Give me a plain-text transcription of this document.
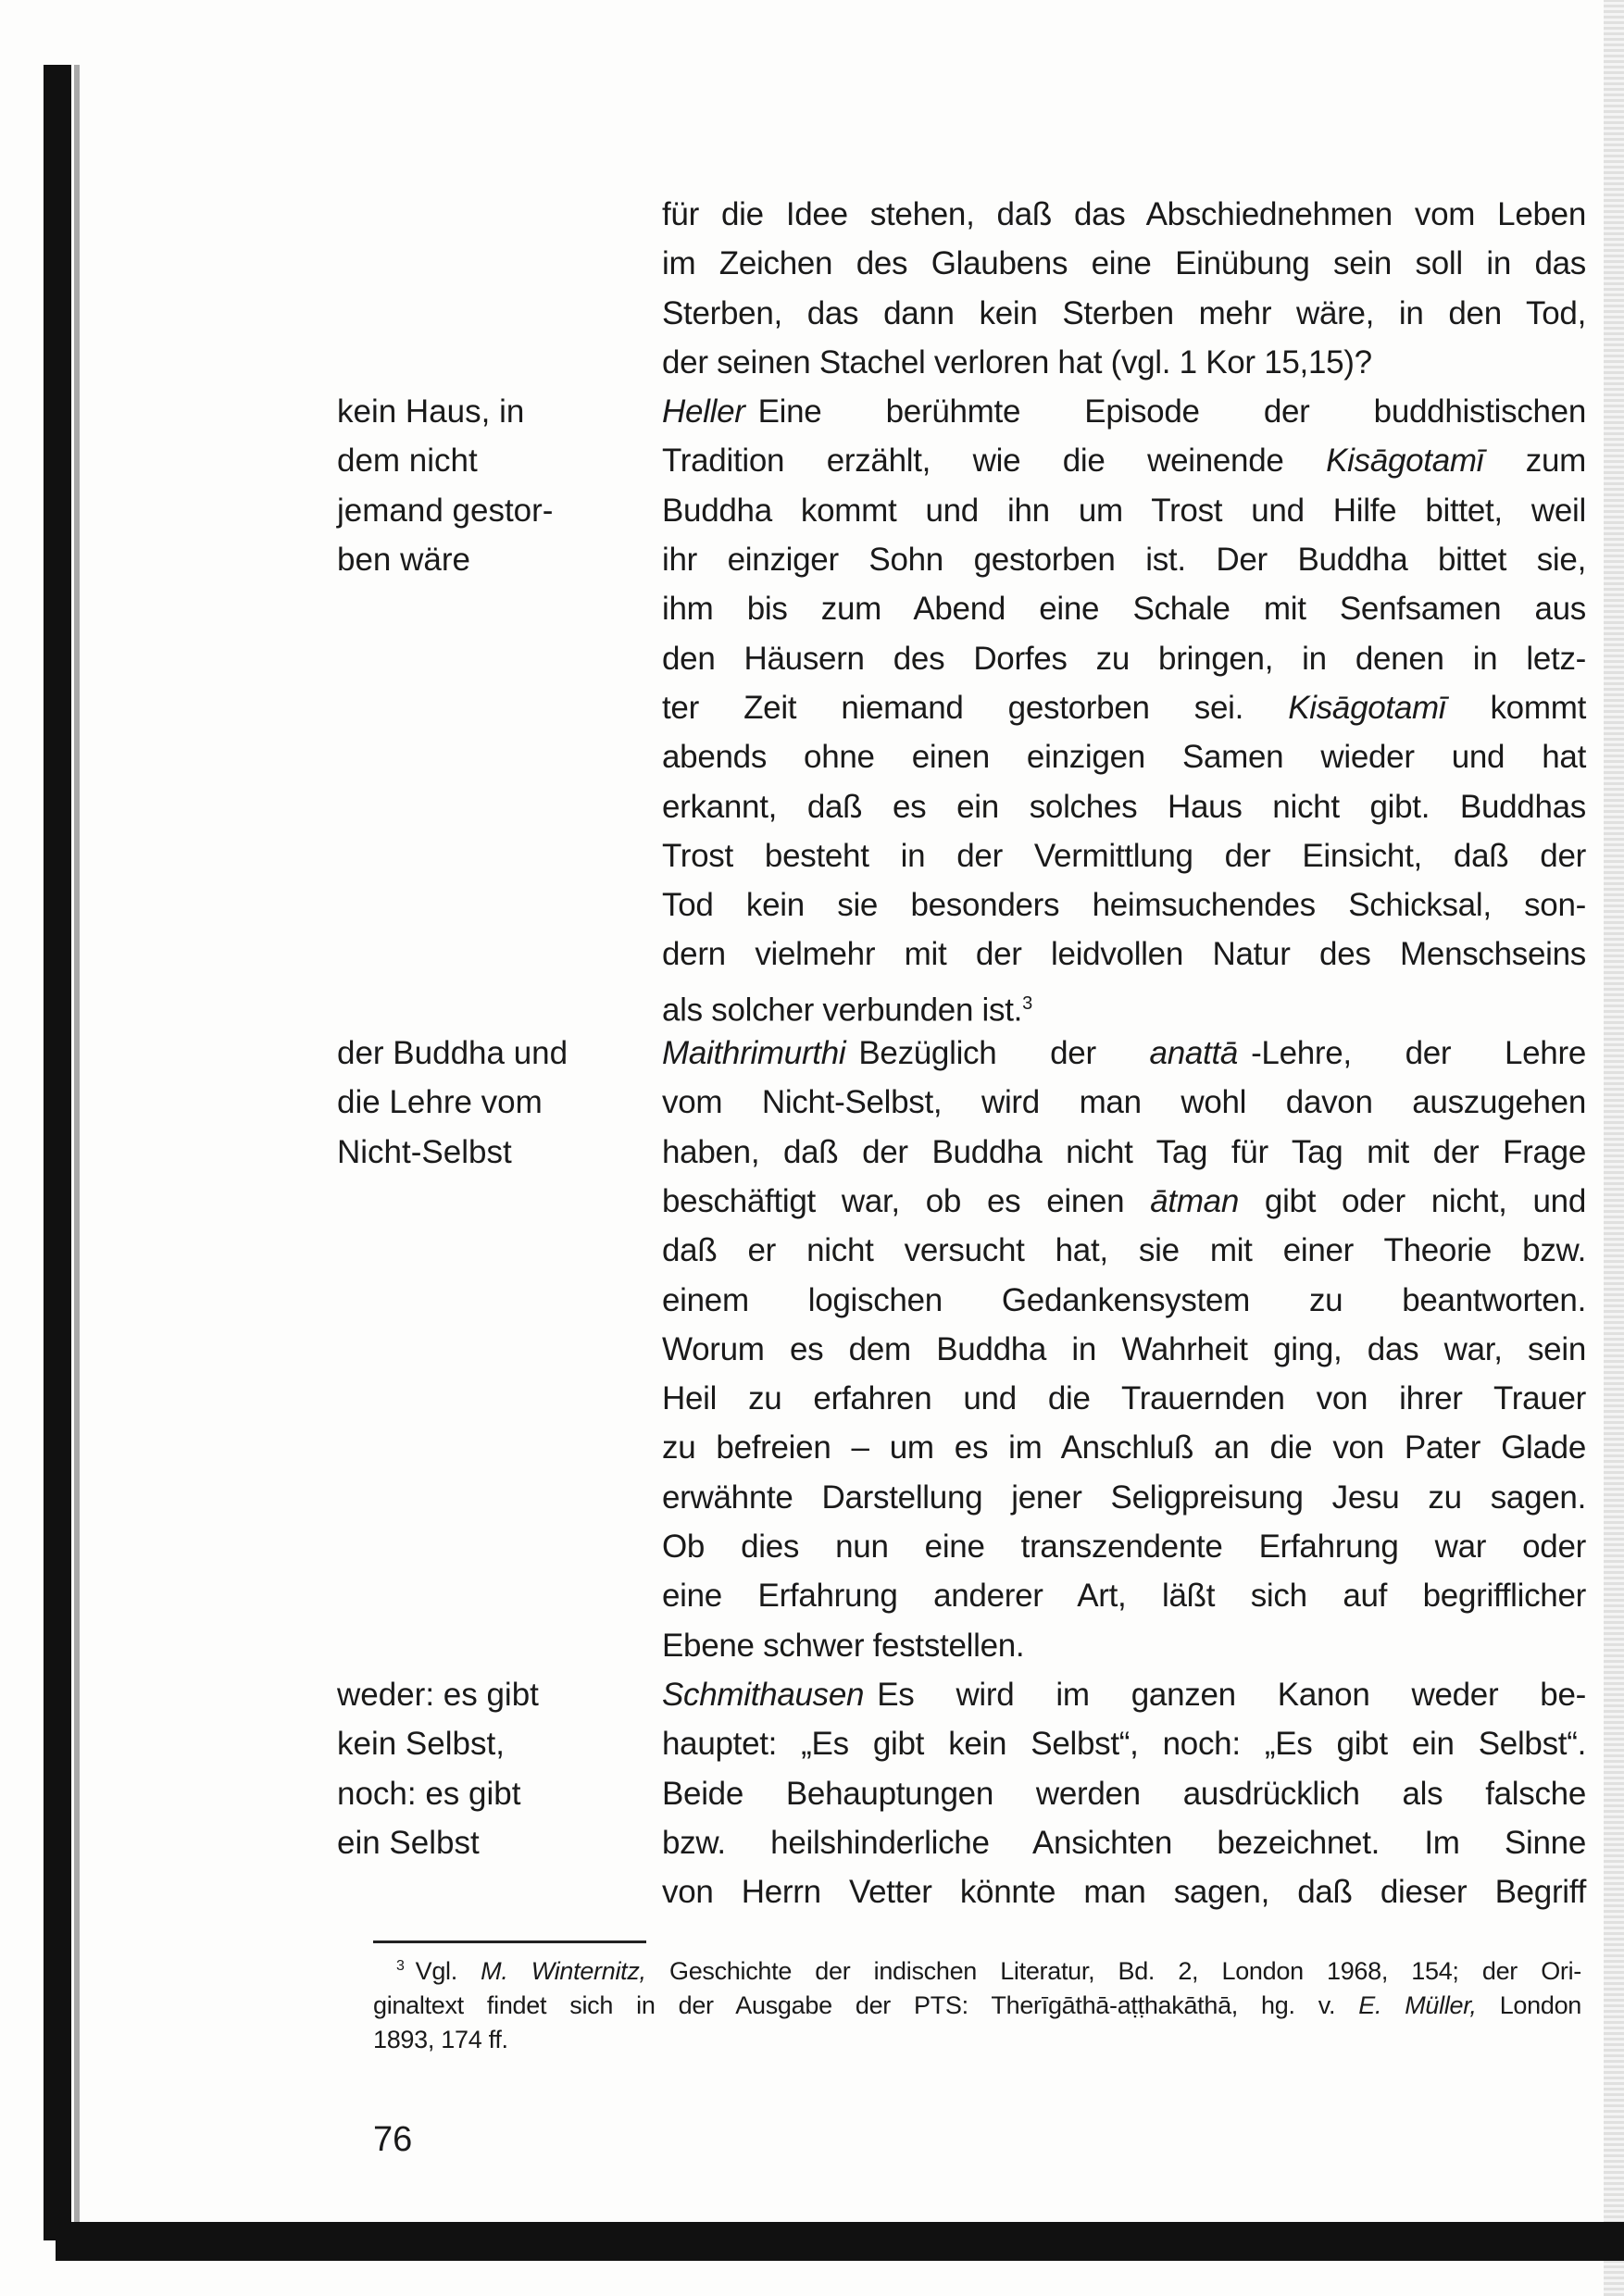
für die Idee stehen, daß das Abschiednehmen vom Leben
im Zeichen des Glaubens eine Einübung sein soll in das
Sterben, das dann kein Sterben mehr wäre, in den Tod,
der seinen Stachel verloren hat (vgl. 1 Kor 15,15)?
Heller Eine berühmte Episode der buddhistischen
Tradition erzählt, wie die weinende Kisāgotamī zum
Buddha kommt und ihn um Trost und Hilfe bittet, weil
ihr einziger Sohn gestorben ist. Der Buddha bittet sie,
ihm bis zum Abend eine Schale mit Senfsamen aus
den Häusern des Dorfes zu bringen, in denen in letz-
ter Zeit niemand gestorben sei. Kisāgotamī kommt
abends ohne einen einzigen Samen wieder und hat
erkannt, daß es ein solches Haus nicht gibt. Buddhas
Trost besteht in der Vermittlung der Einsicht, daß der
Tod kein sie besonders heimsuchendes Schicksal, son-
dern vielmehr mit der leidvollen Natur des Menschseins
als solcher verbunden ist.$^3$
Maithrimurthi Bezüglich der anattā -Lehre, der Lehre
vom Nicht-Selbst, wird man wohl davon auszugehen
haben, daß der Buddha nicht Tag für Tag mit der Frage
beschäftigt war, ob es einen ātman gibt oder nicht, und
daß er nicht versucht hat, sie mit einer Theorie bzw.
einem logischen Gedankensystem zu beantworten.
Worum es dem Buddha in Wahrheit ging, das war, sein
Heil zu erfahren und die Trauernden von ihrer Trauer
zu befreien – um es im Anschluß an die von Pater Glade
erwähnte Darstellung jener Seligpreisung Jesu zu sagen.
Ob dies nun eine transzendente Erfahrung war oder
eine Erfahrung anderer Art, läßt sich auf begrifflicher
Ebene schwer feststellen.
Schmithausen Es wird im ganzen Kanon weder be-
hauptet: „Es gibt kein Selbst“, noch: „Es gibt ein Selbst“.
Beide Behauptungen werden ausdrücklich als falsche
bzw. heilshinderliche Ansichten bezeichnet. Im Sinne
von Herrn Vetter könnte man sagen, daß dieser Begriff
kein Haus, in
dem nicht
jemand gestor-
ben wäre
der Buddha und
die Lehre vom
Nicht-Selbst
weder: es gibt
kein Selbst,
noch: es gibt
ein Selbst
$^3$ Vgl. M. Winternitz, Geschichte der indischen Literatur, Bd. 2, London 1968, 154; der Ori-
ginaltext findet sich in der Ausgabe der PTS: Therīgāthā-aṭṭhakāthā, hg. v. E. Müller, London
1893, 174 ff.
76
